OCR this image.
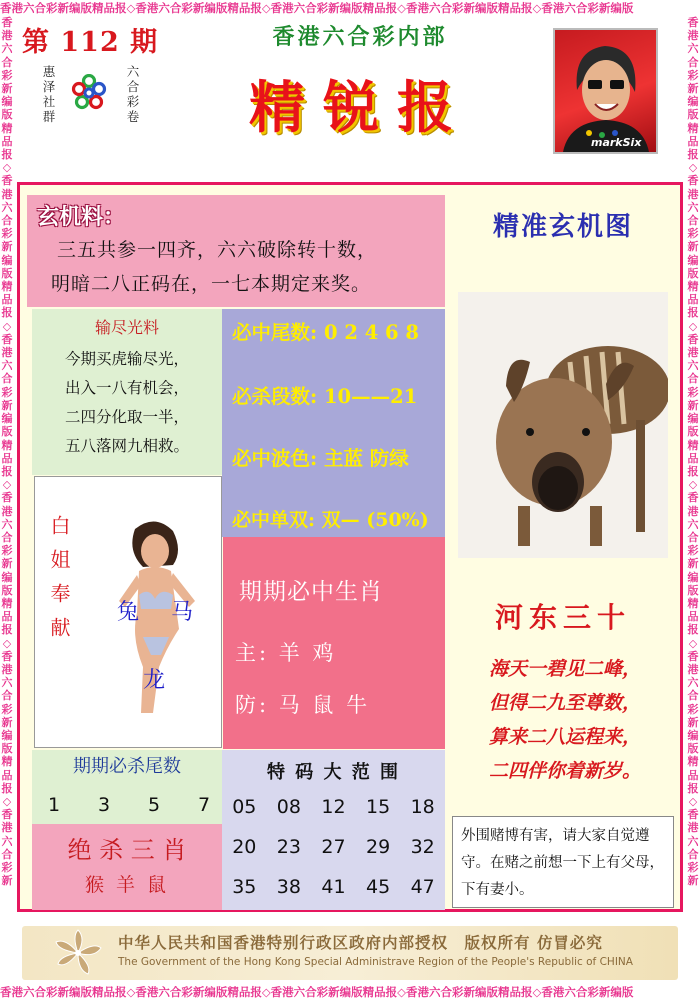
香港六合彩新编版精品报◇香港六合彩新编版精品报◇香港六合彩新编版精品报◇香港六合彩新编版精品报◇香港六合彩新编版
香港六合彩新编版精品报◇香港六合彩新编版精品报◇香港六合彩新编版精品报◇香港六合彩新编版精品报◇香港六合彩新编版
香港六合彩新编版精品报◇香港六合彩新编版精品报◇香港六合彩新编版精品报◇香港六合彩新编版精品报◇香港六合彩新编版精品报◇香港六合彩新
香港六合彩新编版精品报◇香港六合彩新编版精品报◇香港六合彩新编版精品报◇香港六合彩新编版精品报◇香港六合彩新编版精品报◇香港六合彩新
第 112 期
惠泽社群
六合彩卷
香港六合彩内部
精锐报
markSix
玄机料：
三五共参一四齐，六六破除转十数，
明暗二八正码在，一七本期定来奖。
输尽光料
今期买虎输尽光，
出入一八有机会，
二四分化取一半，
五八落网九相救。
必中尾数: 0 2 4 6 8
必杀段数: 10——21
必中波色: 主蓝 防绿
必中单双: 双— (50%)
白姐奉献 兔 马
龙
期期必中生肖
主: 羊 鸡
防: 马 鼠 牛
期期必杀尾数
1 3 5 7
绝 杀 三 肖
猴 羊 鼠
特 码 大 范 围
05 08 12 15 18
20 23 27 29 32
35 38 41 45 47
精准玄机图
河东三十
海天一碧见二峰，
但得二九至尊数，
算来二八运程来，
二四伴你着新岁。
外围赌博有害，请大家自觉遵守。在赌之前想一下上有父母，下有妻小。
中华人民共和国香港特别行政区政府内部授权　版权所有 仿冒必究
The Government of the Hong Kong Special Administrave Region of the People's Republic of CHINA
